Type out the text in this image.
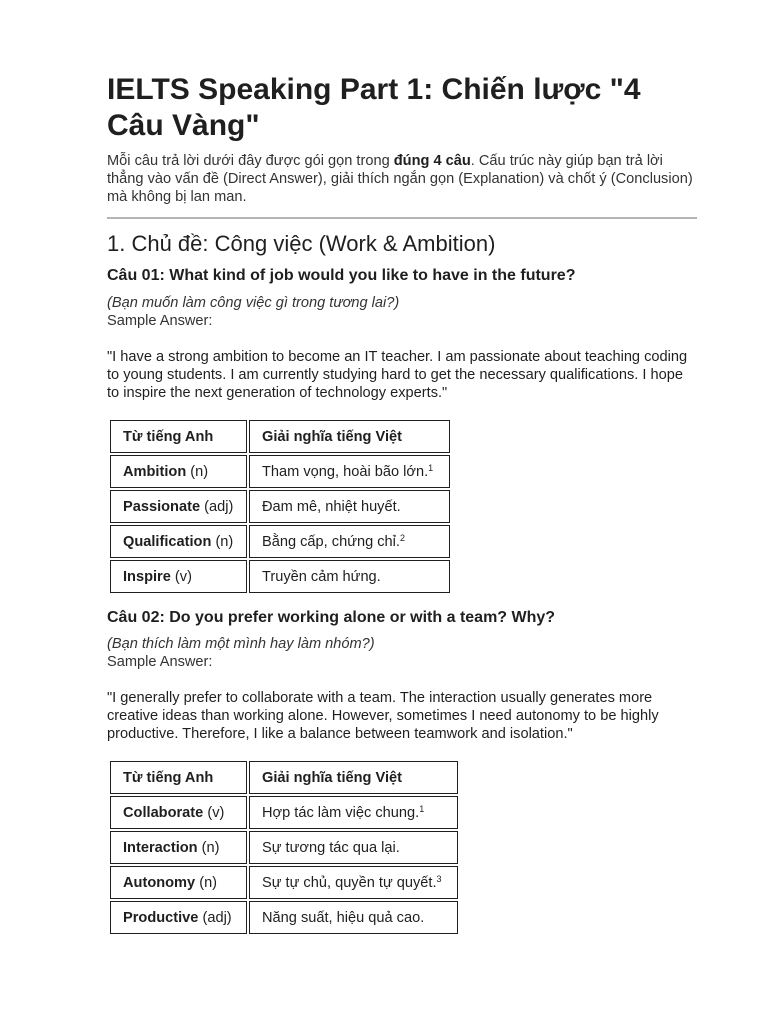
IELTS Speaking Part 1: Chiến lược "4 Câu Vàng"

Mỗi câu trả lời dưới đây được gói gọn trong đúng 4 câu. Cấu trúc này giúp bạn trả lời thẳng vào vấn đề (Direct Answer), giải thích ngắn gọn (Explanation) và chốt ý (Conclusion) mà không bị lan man.

1. Chủ đề: Công việc (Work & Ambition)

Câu 01: What kind of job would you like to have in the future?

(Bạn muốn làm công việc gì trong tương lai?)

Sample Answer:

"I have a strong ambition to become an IT teacher. I am passionate about teaching coding to young students. I am currently studying hard to get the necessary qualifications. I hope to inspire the next generation of technology experts."

Từ tiếng Anh	Giải nghĩa tiếng Việt
Ambition (n)	Tham vọng, hoài bão lớn.$^1$
Passionate (adj)	Đam mê, nhiệt huyết.
Qualification (n)	Bằng cấp, chứng chỉ.$^2$
Inspire (v)	Truyền cảm hứng.

Câu 02: Do you prefer working alone or with a team? Why?

(Bạn thích làm một mình hay làm nhóm?)

Sample Answer:

"I generally prefer to collaborate with a team. The interaction usually generates more creative ideas than working alone. However, sometimes I need autonomy to be highly productive. Therefore, I like a balance between teamwork and isolation."

Từ tiếng Anh	Giải nghĩa tiếng Việt
Collaborate (v)	Hợp tác làm việc chung.$^1$
Interaction (n)	Sự tương tác qua lại.
Autonomy (n)	Sự tự chủ, quyền tự quyết.$^3$
Productive (adj)	Năng suất, hiệu quả cao.
